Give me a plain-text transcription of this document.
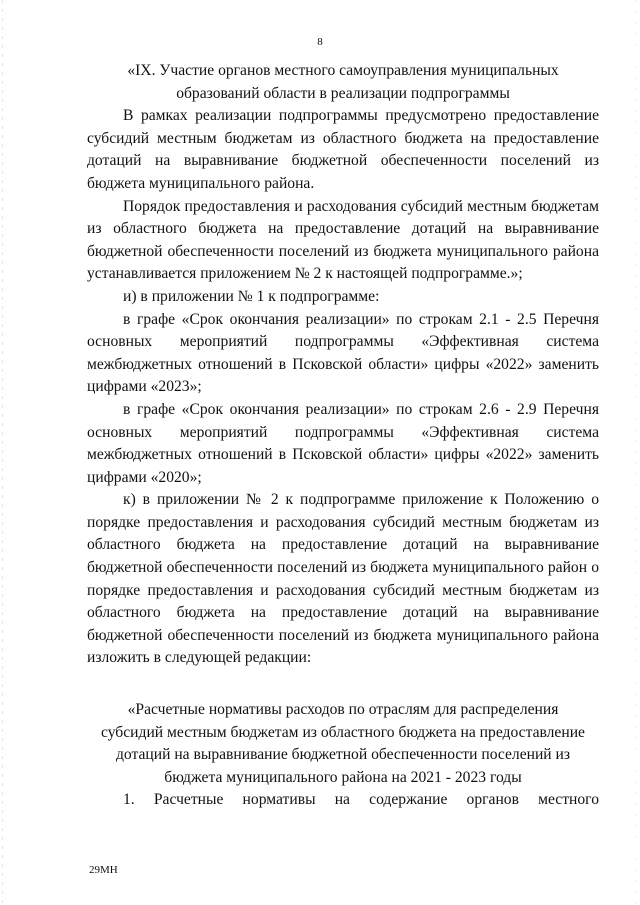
8

«IX. Участие органов местного самоуправления муниципальных
образований области в реализации подпрограммы

В рамках реализации подпрограммы предусмотрено предоставление субсидий местным бюджетам из областного бюджета на предоставление дотаций на выравнивание бюджетной обеспеченности поселений из бюджета муниципального района.

Порядок предоставления и расходования субсидий местным бюджетам из областного бюджета на предоставление дотаций на выравнивание бюджетной обеспеченности поселений из бюджета муниципального района устанавливается приложением № 2 к настоящей подпрограмме.»;

и) в приложении № 1 к подпрограмме:

в графе «Срок окончания реализации» по строкам 2.1 - 2.5 Перечня основных мероприятий подпрограммы «Эффективная система межбюджетных отношений в Псковской области» цифры «2022» заменить цифрами «2023»;

в графе «Срок окончания реализации» по строкам 2.6 - 2.9 Перечня основных мероприятий подпрограммы «Эффективная система межбюджетных отношений в Псковской области» цифры «2022» заменить цифрами «2020»;

к) в приложении № 2 к подпрограмме приложение к Положению о порядке предоставления и расходования субсидий местным бюджетам из областного бюджета на предоставление дотаций на выравнивание бюджетной обеспеченности поселений из бюджета муниципального район о порядке предоставления и расходования субсидий местным бюджетам из областного бюджета на предоставление дотаций на выравнивание бюджетной обеспеченности поселений из бюджета муниципального района изложить в следующей редакции:

«Расчетные нормативы расходов по отраслям для распределения
субсидий местным бюджетам из областного бюджета на предоставление
дотаций на выравнивание бюджетной обеспеченности поселений из
бюджета муниципального района на 2021 - 2023 годы

1. Расчетные нормативы на содержание органов местного

29МН
